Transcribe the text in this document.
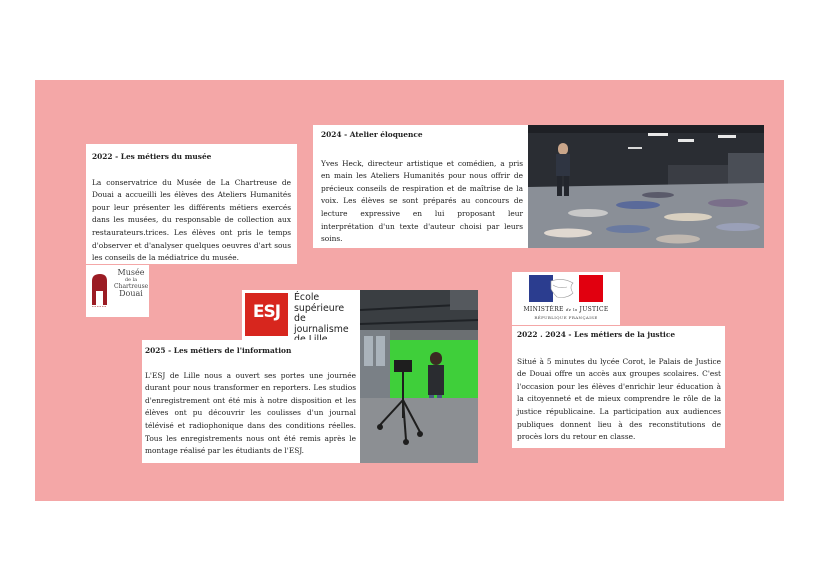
2022 - Les métiers du musée

La conservatrice du Musée de La Chartreuse de Douai a accueilli les élèves des Ateliers Humanités pour leur présenter les différents métiers exercés dans les musées, du responsable de collection aux restaurateurs.trices. Les élèves ont pris le temps d'observer et d'analyser quelques oeuvres d'art sous les conseils de la médiatrice du musée.

Musée
de la
Chartreuse
Douai
2024 - Atelier éloquence

Yves Heck, directeur artistique et comédien, a pris en main les Ateliers Humanités pour nous offrir de précieux conseils de respiration et de maîtrise de la voix. Les élèves se sont préparés au concours de lecture expressive en lui proposant leur interprétation d'un texte d'auteur choisi par leurs soins.

ESJ
École
supérieure
de journalisme
2025 - Les métiers de l'information

L'ESJ de Lille nous a ouvert ses portes une journée durant pour nous transformer en reporters. Les studios d'enregistrement ont été mis à notre disposition et les élèves ont pu découvrir les coulisses d'un journal télévisé et radiophonique dans des conditions réelles. Tous les enregistrements nous ont été remis après le montage réalisé par les étudiants de l'ESJ.

MINISTÈRE de la JUSTICE
RÉPUBLIQUE FRANÇAISE
2022 . 2024 - Les métiers de la justice

Situé à 5 minutes du lycée Corot, le Palais de Justice de Douai offre un accès aux groupes scolaires. C'est l'occasion pour les élèves d'enrichir leur éducation à la citoyenneté et de mieux comprendre le rôle de la justice républicaine. La participation aux audiences publiques donnent lieu à des reconstitutions de procès lors du retour en classe.
